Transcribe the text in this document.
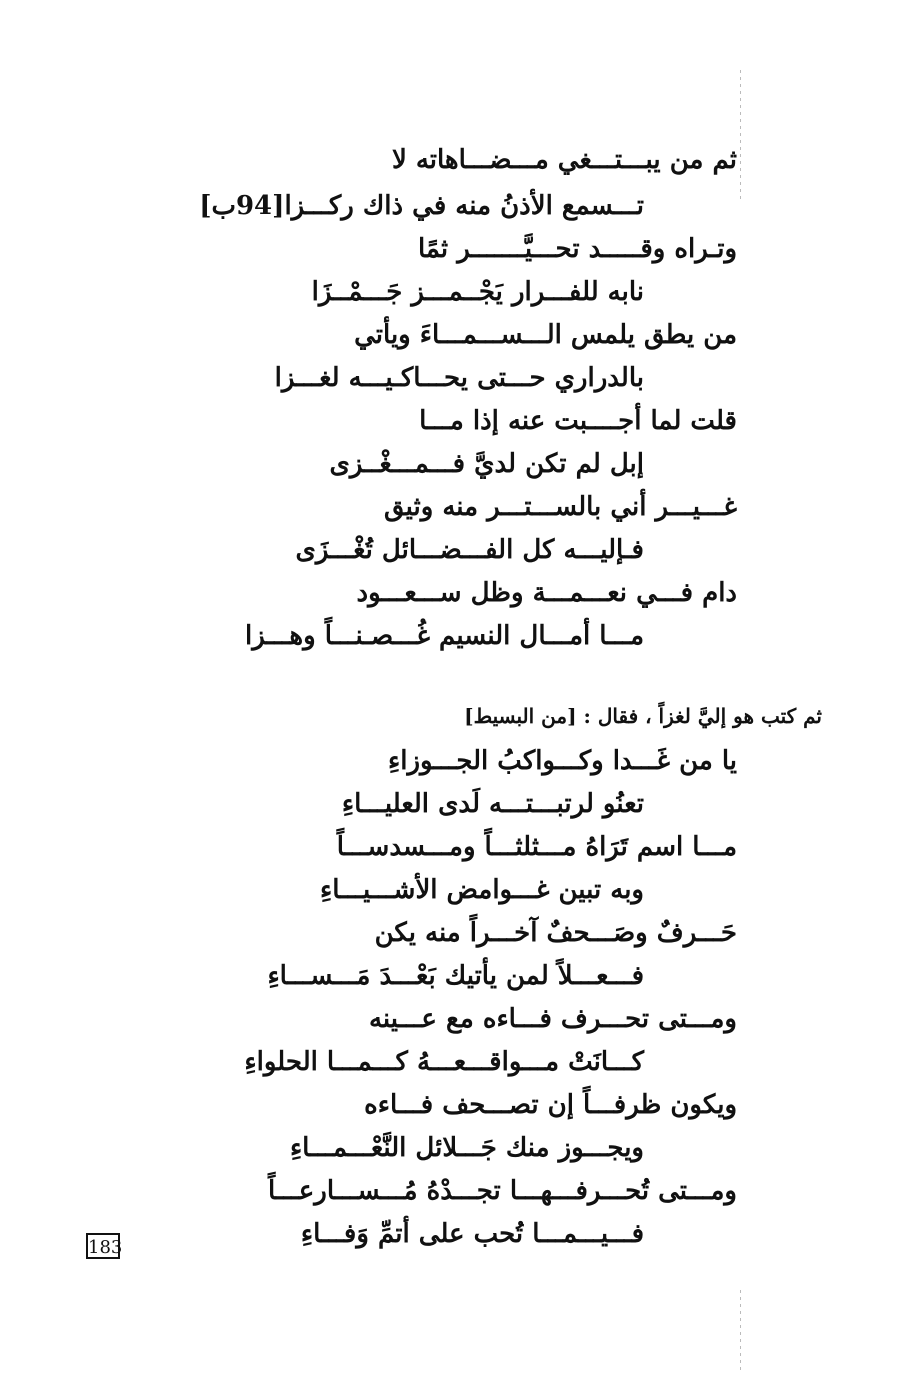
ثم من يبـــتـــغي مـــضـــاهاته لا
تـــسمع الأذنُ منه في ذاك ركـــزا[94ب]
وتـراه وقـــــد تحـــيَّـــــــر ثمًا
نابه للفـــرار يَجْــمـــز جَـــمْــزَا
من يطق يلمس الـــســـمـــاءَ ويأتي
بالدراري حـــتى يحـــاكـيـــه لغـــزا
قلت لما أجــــبت عنه إذا مـــا
إبل لم تكن لديَّ فـــمـــغْــزى
غـــيـــر أني بالســـتـــر منه وثيق
فـإليـــه كل الفـــضـــائل تُغْـــزَى
دام فـــي نعـــمـــة وظل ســـعـــود
مـــا أمـــال النسيم غُـــصـنـــاً وهـــزا
ثم كتب هو إليَّ لغزاً ، فقال : [من البسيط]
يا من غَـــدا وكـــواكبُ الجـــوزاءِ
تعنُو لرتبـــتـــه لَدى العليـــاءِ
مـــا اسم تَرَاهُ مـــثلثـــاً ومـــسدســـاً
وبه تبين غـــوامض الأشـــيـــاءِ
حَـــرفٌ وصَـــحفٌ آخـــراً منه يكن
فـــعـــلاً لمن يأتيك بَعْـــدَ مَـــســـاءِ
ومـــتى تحـــرف فـــاءه مع عـــينه
كـــانَتْ مـــواقـــعـــهُ كـــمـــا الحلواءِ
ويكون ظرفـــاً إن تصـــحف فـــاءه
ويجـــوز منك جَـــلائل النَّعْـــمـــاءِ
ومـــتى تُحـــرفـــهـــا تجـــدْهُ مُـــســـارعـــاً
فـــيـــمـــا تُحب على أتمِّ وَفـــاءِ
183
